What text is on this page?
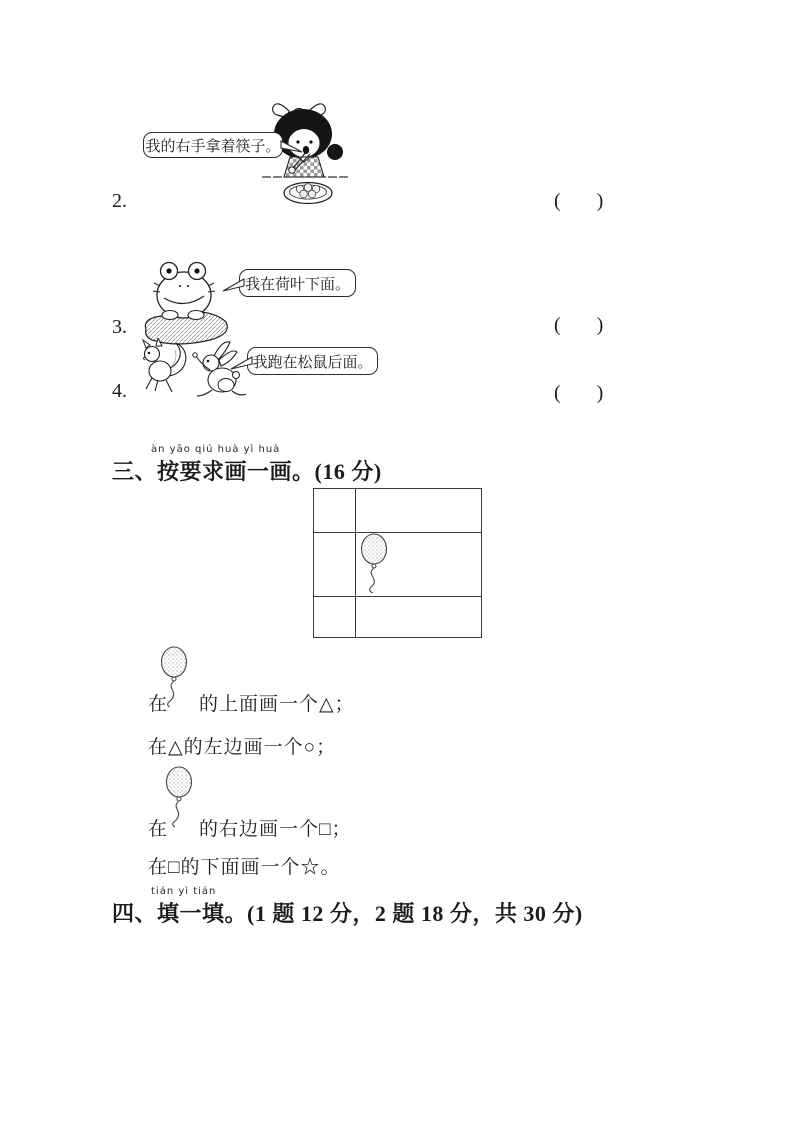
我的右手拿着筷子。
2.	( )
我在荷叶下面。
3.	( )
我跑在松鼠后面。
4.	( )
àn yāo qiú huà yì huà
三、按要求画一画。(16 分)
在 的上面画一个△；
在△的左边画一个○；
在 的右边画一个□；
在□的下面画一个☆。
tián yì tián
四、填一填。(1 题 12 分，2 题 18 分，共 30 分)
